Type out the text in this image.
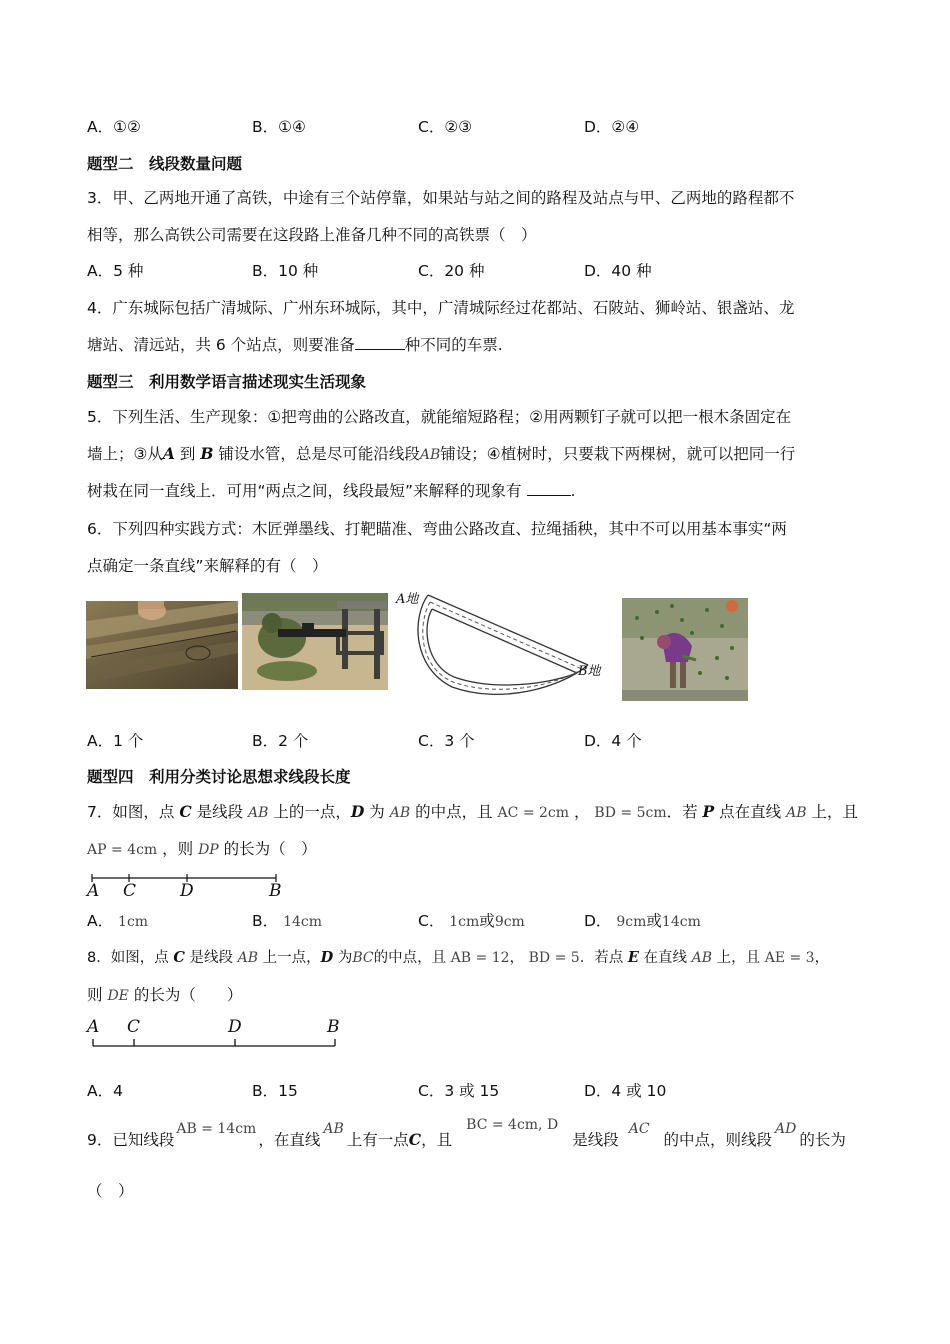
A．①②	B．①④	C．②③	D．②④
题型二　线段数量问题
3．甲、乙两地开通了高铁，中途有三个站停靠，如果站与站之间的路程及站点与甲、乙两地的路程都不
相等，那么高铁公司需要在这段路上准备几种不同的高铁票（　）
A．5 种	B．10 种	C．20 种	D．40 种
4．广东城际包括广清城际、广州东环城际，其中，广清城际经过花都站、石陂站、狮岭站、银盏站、龙
塘站、清远站，共 6 个站点，则要准备	种不同的车票.
题型三　利用数学语言描述现实生活现象
5．下列生活、生产现象：①把弯曲的公路改直，就能缩短路程；②用两颗钉子就可以把一根木条固定在
墙上；③从A 到 B 铺设水管，总是尽可能沿线段AB铺设；④植树时，只要栽下两棵树，就可以把同一行
树栽在同一直线上．可用“两点之间，线段最短”来解释的现象有	.
6．下列四种实践方式：木匠弹墨线、打靶瞄准、弯曲公路改直、拉绳插秧，其中不可以用基本事实“两
点确定一条直线”来解释的有（　）
A地
B地
A．1 个	B．2 个	C．3 个	D．4 个
题型四　利用分类讨论思想求线段长度
7．如图，点 C 是线段 AB 上的一点，D 为 AB 的中点，且 AC = 2cm ， BD = 5cm．若 P 点在直线 AB 上，且
AP = 4cm ，则 DP 的长为（　）
A C	D	B
A． 1cm	B． 14cm	C． 1cm或9cm	D． 9cm或14cm
8．如图，点 C 是线段 AB 上一点，D 为BC的中点，且 AB = 12， BD = 5．若点 E 在直线 AB 上，且 AE = 3，
则 DE 的长为（　　）
A C	D	B
A．4	B．15	C．3 或 15	D．4 或 10
9．已知线段AB = 14cm，在直线AB上有一点C，且BC = 4cm, D是线段AC的中点，则线段AD的长为
（　）
